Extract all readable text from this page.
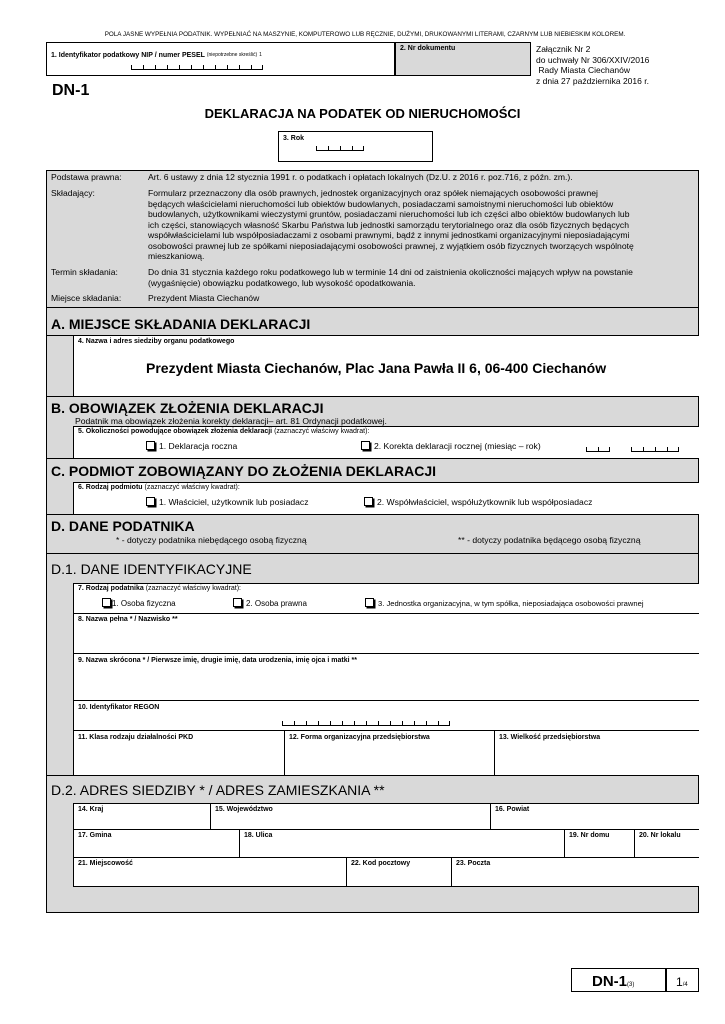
POLA JASNE WYPEŁNIA PODATNIK. WYPEŁNIAĆ NA MASZYNIE, KOMPUTEROWO LUB RĘCZNIE, DUŻYMI, DRUKOWANYMI LITERAMI, CZARNYM LUB NIEBIESKIM KOLOREM.
1. Identyfikator podatkowy NIP / numer PESEL $^{(niepotrzebne skreślić)}$ $^1$
2. Nr dokumentu	Załącznik Nr 2
do uchwały Nr 306/XXIV/2016
Rady Miasta Ciechanów
z dnia 27 października 2016 r.
DN-1
DEKLARACJA NA PODATEK OD NIERUCHOMOŚCI
3. Rok
Podstawa prawna:	Art. 6 ustawy z dnia 12 stycznia 1991 r. o podatkach i opłatach lokalnych (Dz.U. z 2016 r. poz.716, z późn. zm.).
Składający:	Formularz przeznaczony dla osób prawnych, jednostek organizacyjnych oraz spółek niemających osobowości prawnej
będących właścicielami nieruchomości lub obiektów budowlanych, posiadaczami samoistnymi nieruchomości lub obiektów
budowlanych, użytkownikami wieczystymi gruntów, posiadaczami nieruchomości lub ich części albo obiektów budowlanych lub
ich części, stanowiących własność Skarbu Państwa lub jednostki samorządu terytorialnego oraz dla osób fizycznych będących
współwłaścicielami lub współposiadaczami z osobami prawnymi, bądź z innymi jednostkami organizacyjnymi nieposiadającymi
osobowości prawnej lub ze spółkami nieposiadającymi osobowości prawnej, z wyjątkiem osób fizycznych tworzących wspólnotę
mieszkaniową.
Termin składania:	Do dnia 31 stycznia każdego roku podatkowego lub w terminie 14 dni od zaistnienia okoliczności mających wpływ na powstanie
(wygaśnięcie) obowiązku podatkowego, lub wysokość opodatkowania.
Miejsce składania:	Prezydent Miasta Ciechanów
A. MIEJSCE SKŁADANIA DEKLARACJI
4. Nazwa i adres siedziby organu podatkowego
Prezydent Miasta Ciechanów, Plac Jana Pawła II 6, 06-400 Ciechanów
B. OBOWIĄZEK ZŁOŻENIA DEKLARACJI
Podatnik ma obowiązek złożenia korekty deklaracji– art. 81 Ordynacji podatkowej.
5. Okoliczności powodujące obowiązek złożenia deklaracji (zaznaczyć właściwy kwadrat):
1. Deklaracja roczna	2. Korekta deklaracji rocznej (miesiąc – rok)

C. PODMIOT ZOBOWIĄZANY DO ZŁOŻENIA DEKLARACJI
6. Rodzaj podmiotu (zaznaczyć właściwy kwadrat):
1. Właściciel, użytkownik lub posiadacz	2. Współwłaściciel, współużytkownik lub współposiadacz
D. DANE PODATNIKA
* - dotyczy podatnika niebędącego osobą fizyczną	** - dotyczy podatnika będącego osobą fizyczną
D.1. DANE IDENTYFIKACYJNE
7. Rodzaj podatnika (zaznaczyć właściwy kwadrat):
1. Osoba fizyczna	2. Osoba prawna	3. Jednostka organizacyjna, w tym spółka, nieposiadająca osobowości prawnej
8. Nazwa pełna * / Nazwisko **
9. Nazwa skrócona * / Pierwsze imię, drugie imię, data urodzenia, imię ojca i matki **
10. Identyfikator REGON
11. Klasa rodzaju działalności PKD	12. Forma organizacyjna przedsiębiorstwa	13. Wielkość przedsiębiorstwa
D.2. ADRES SIEDZIBY * / ADRES ZAMIESZKANIA **
14. Kraj	15. Województwo	16. Powiat
17. Gmina	18. Ulica	19. Nr domu	20. Nr lokalu
21. Miejscowość	22. Kod pocztowy	23. Poczta
DN-1(3)	1/4
